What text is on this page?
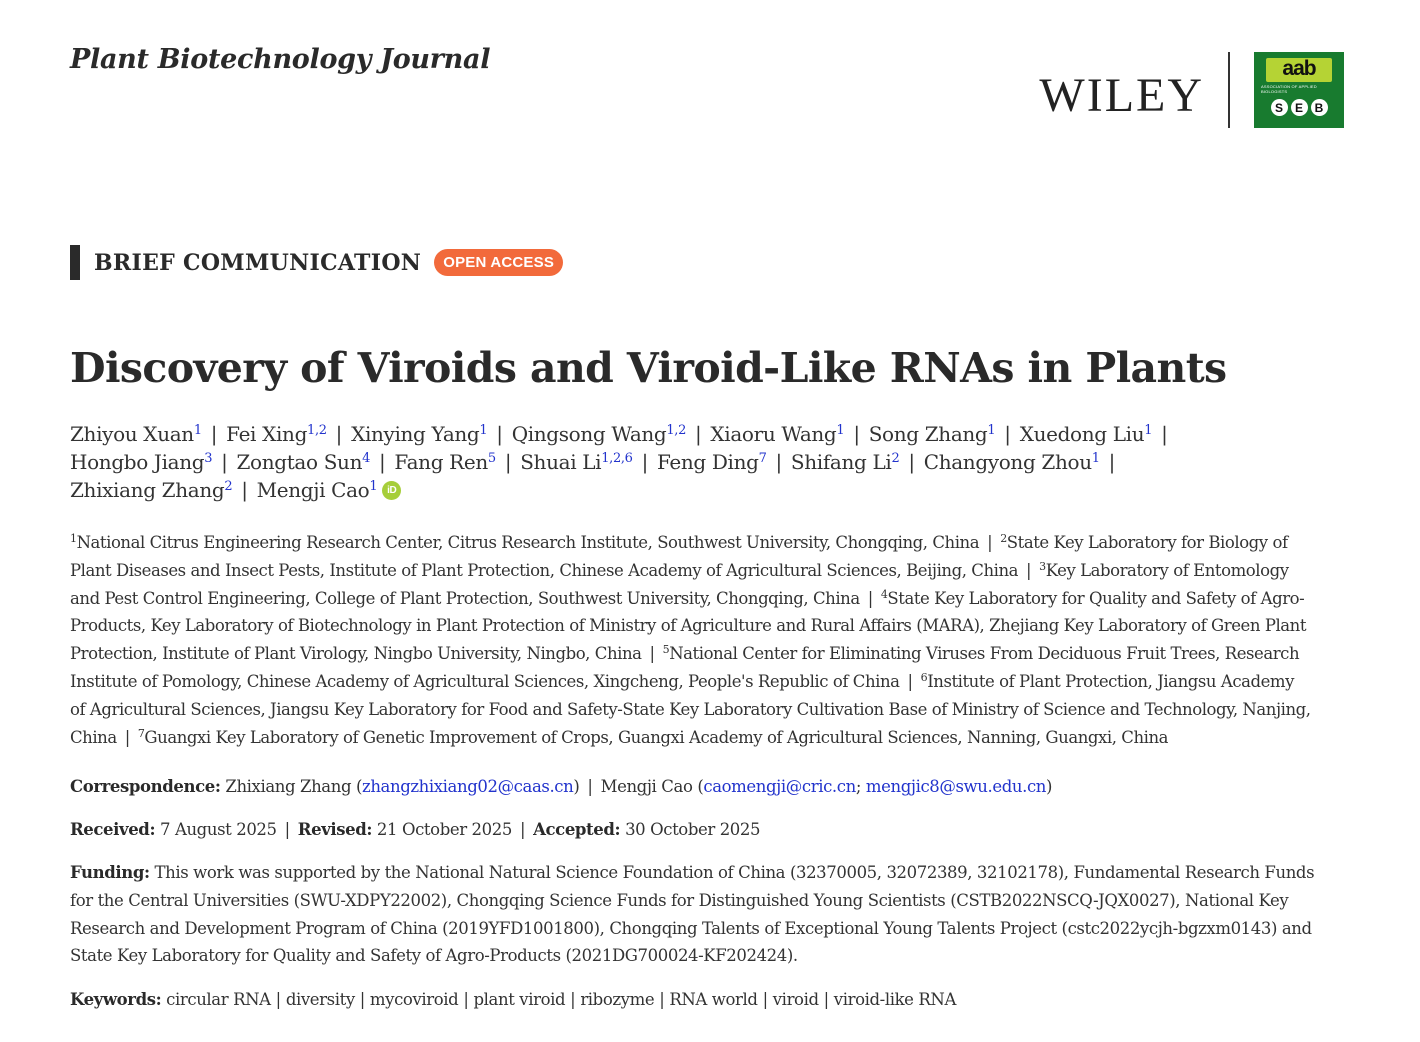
Plant Biotechnology Journal
WILEY	aab
ASSOCIATION OF APPLIED BIOLOGISTS
S E B
BRIEF COMMUNICATION	OPEN ACCESS
Discovery of Viroids and Viroid-Like RNAs in Plants
Zhiyou Xuan$^1$ | Fei Xing$^{1,2}$ | Xinying Yang$^1$ | Qingsong Wang$^{1,2}$ | Xiaoru Wang$^1$ | Song Zhang$^1$ | Xuedong Liu$^1$ |
Hongbo Jiang$^3$ | Zongtao Sun$^4$ | Fang Ren$^5$ | Shuai Li$^{1,2,6}$ | Feng Ding$^7$ | Shifang Li$^2$ | Changyong Zhou$^1$ |
Zhixiang Zhang$^2$ | Mengji Cao$^1$ iD
$^1$National Citrus Engineering Research Center, Citrus Research Institute, Southwest University, Chongqing, China | $^2$State Key Laboratory for Biology of
Plant Diseases and Insect Pests, Institute of Plant Protection, Chinese Academy of Agricultural Sciences, Beijing, China | $^3$Key Laboratory of Entomology
and Pest Control Engineering, College of Plant Protection, Southwest University, Chongqing, China | $^4$State Key Laboratory for Quality and Safety of Agro-
Products, Key Laboratory of Biotechnology in Plant Protection of Ministry of Agriculture and Rural Affairs (MARA), Zhejiang Key Laboratory of Green Plant
Protection, Institute of Plant Virology, Ningbo University, Ningbo, China | $^5$National Center for Eliminating Viruses From Deciduous Fruit Trees, Research
Institute of Pomology, Chinese Academy of Agricultural Sciences, Xingcheng, People's Republic of China | $^6$Institute of Plant Protection, Jiangsu Academy
of Agricultural Sciences, Jiangsu Key Laboratory for Food and Safety-State Key Laboratory Cultivation Base of Ministry of Science and Technology, Nanjing,
China | $^7$Guangxi Key Laboratory of Genetic Improvement of Crops, Guangxi Academy of Agricultural Sciences, Nanning, Guangxi, China
Correspondence: Zhixiang Zhang (zhangzhixiang02@caas.cn) | Mengji Cao (caomengji@cric.cn; mengjic8@swu.edu.cn)
Received: 7 August 2025 | Revised: 21 October 2025 | Accepted: 30 October 2025
Funding: This work was supported by the National Natural Science Foundation of China (32370005, 32072389, 32102178), Fundamental Research Funds
for the Central Universities (SWU-XDPY22002), Chongqing Science Funds for Distinguished Young Scientists (CSTB2022NSCQ-JQX0027), National Key
Research and Development Program of China (2019YFD1001800), Chongqing Talents of Exceptional Young Talents Project (cstc2022ycjh-bgzxm0143) and
State Key Laboratory for Quality and Safety of Agro-Products (2021DG700024-KF202424).
Keywords: circular RNA | diversity | mycoviroid | plant viroid | ribozyme | RNA world | viroid | viroid-like RNA
